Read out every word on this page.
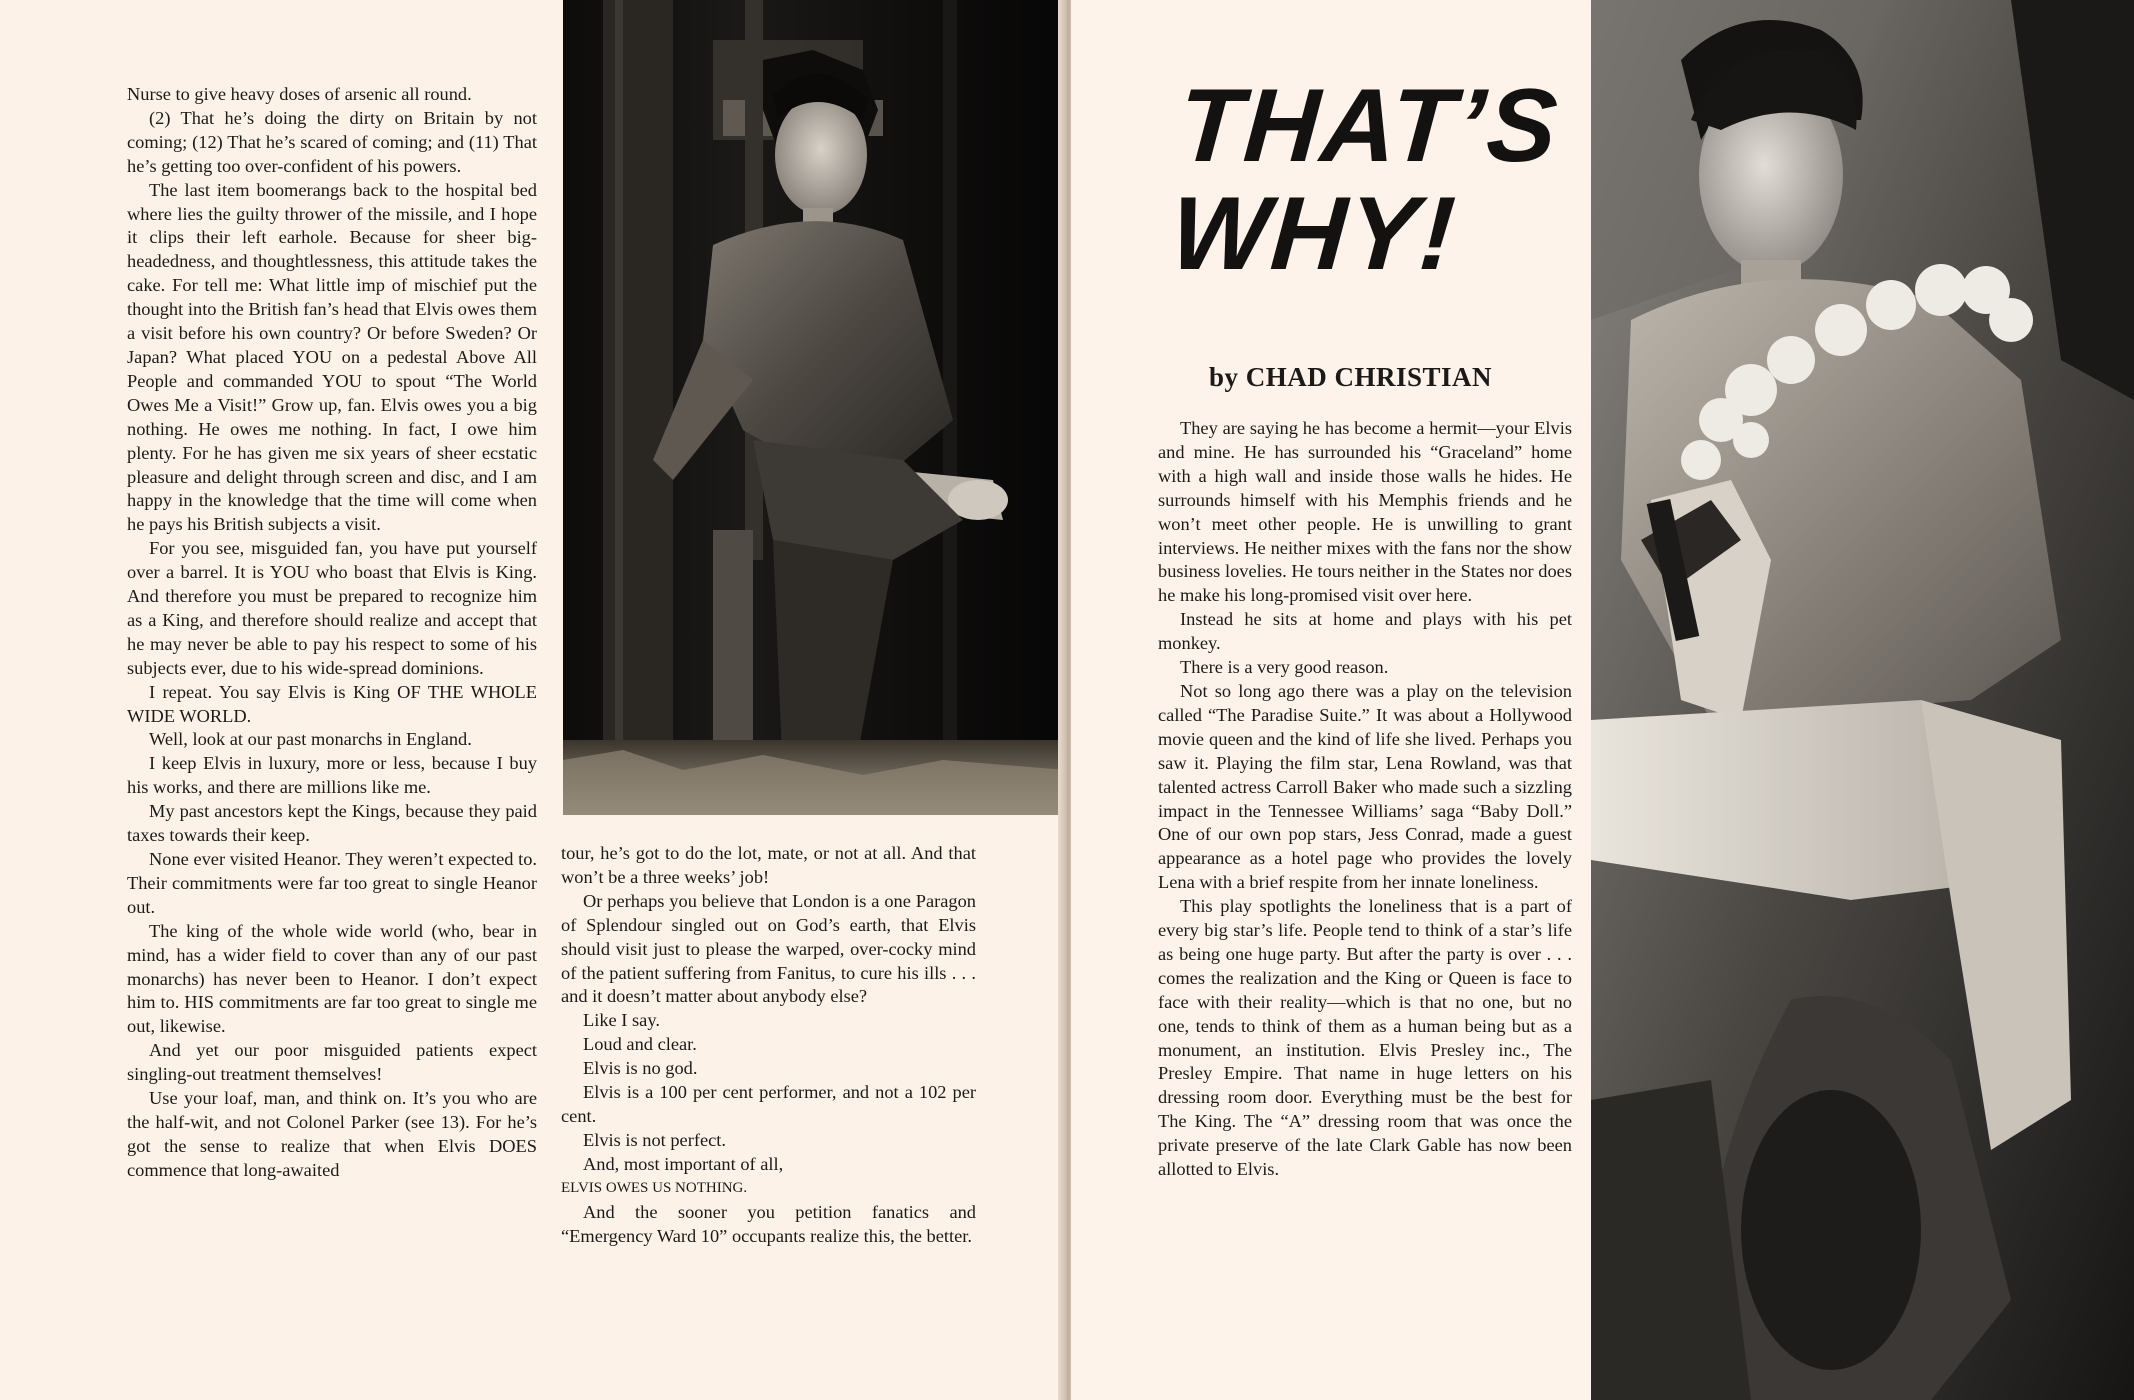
Nurse to give heavy doses of arsenic all round.

(2) That he’s doing the dirty on Britain by not coming; (12) That he’s scared of coming; and (11) That he’s getting too over-confident of his powers.

The last item boomerangs back to the hospital bed where lies the guilty thrower of the missile, and I hope it clips their left earhole. Because for sheer big-headedness, and thoughtlessness, this attitude takes the cake. For tell me: What little imp of mischief put the thought into the British fan’s head that Elvis owes them a visit before his own country? Or before Sweden? Or Japan? What placed YOU on a pedestal Above All People and commanded YOU to spout “The World Owes Me a Visit!” Grow up, fan. Elvis owes you a big nothing. He owes me nothing. In fact, I owe him plenty. For he has given me six years of sheer ecstatic pleasure and delight through screen and disc, and I am happy in the knowledge that the time will come when he pays his British subjects a visit.

For you see, misguided fan, you have put yourself over a barrel. It is YOU who boast that Elvis is King. And therefore you must be prepared to recognize him as a King, and therefore should realize and accept that he may never be able to pay his respect to some of his subjects ever, due to his wide-spread dominions.

I repeat. You say Elvis is King OF THE WHOLE WIDE WORLD.

Well, look at our past monarchs in England.

I keep Elvis in luxury, more or less, because I buy his works, and there are millions like me.

My past ancestors kept the Kings, because they paid taxes towards their keep.

None ever visited Heanor. They weren’t expected to. Their commitments were far too great to single Heanor out.

The king of the whole wide world (who, bear in mind, has a wider field to cover than any of our past monarchs) has never been to Heanor. I don’t expect him to. HIS commitments are far too great to single me out, likewise.

And yet our poor misguided patients expect singling-out treatment themselves!

Use your loaf, man, and think on. It’s you who are the half-wit, and not Colonel Parker (see 13). For he’s got the sense to realize that when Elvis DOES commence that long-awaited

tour, he’s got to do the lot, mate, or not at all. And that won’t be a three weeks’ job!

Or perhaps you believe that London is a one Paragon of Splendour singled out on God’s earth, that Elvis should visit just to please the warped, over-cocky mind of the patient suffering from Fanitus, to cure his ills . . . and it doesn’t matter about anybody else?

Like I say.

Loud and clear.

Elvis is no god.

Elvis is a 100 per cent performer, and not a 102 per cent.

Elvis is not perfect.

And, most important of all,

ELVIS OWES US NOTHING.

And the sooner you petition fanatics and “Emergency Ward 10” occupants realize this, the better.

THAT’S
WHY!
by CHAD CHRISTIAN

They are saying he has become a hermit—your Elvis and mine. He has surrounded his “Graceland” home with a high wall and inside those walls he hides. He surrounds himself with his Memphis friends and he won’t meet other people. He is unwilling to grant interviews. He neither mixes with the fans nor the show business lovelies. He tours neither in the States nor does he make his long-promised visit over here.

Instead he sits at home and plays with his pet monkey.

There is a very good reason.

Not so long ago there was a play on the television called “The Paradise Suite.” It was about a Hollywood movie queen and the kind of life she lived. Perhaps you saw it. Playing the film star, Lena Rowland, was that talented actress Carroll Baker who made such a sizzling impact in the Tennessee Williams’ saga “Baby Doll.” One of our own pop stars, Jess Conrad, made a guest appearance as a hotel page who provides the lovely Lena with a brief respite from her innate loneliness.

This play spotlights the loneliness that is a part of every big star’s life. People tend to think of a star’s life as being one huge party. But after the party is over . . . comes the realization and the King or Queen is face to face with their reality—which is that no one, but no one, tends to think of them as a human being but as a monument, an institution. Elvis Presley inc., The Presley Empire. That name in huge letters on his dressing room door. Everything must be the best for The King. The “A” dressing room that was once the private preserve of the late Clark Gable has now been allotted to Elvis.
